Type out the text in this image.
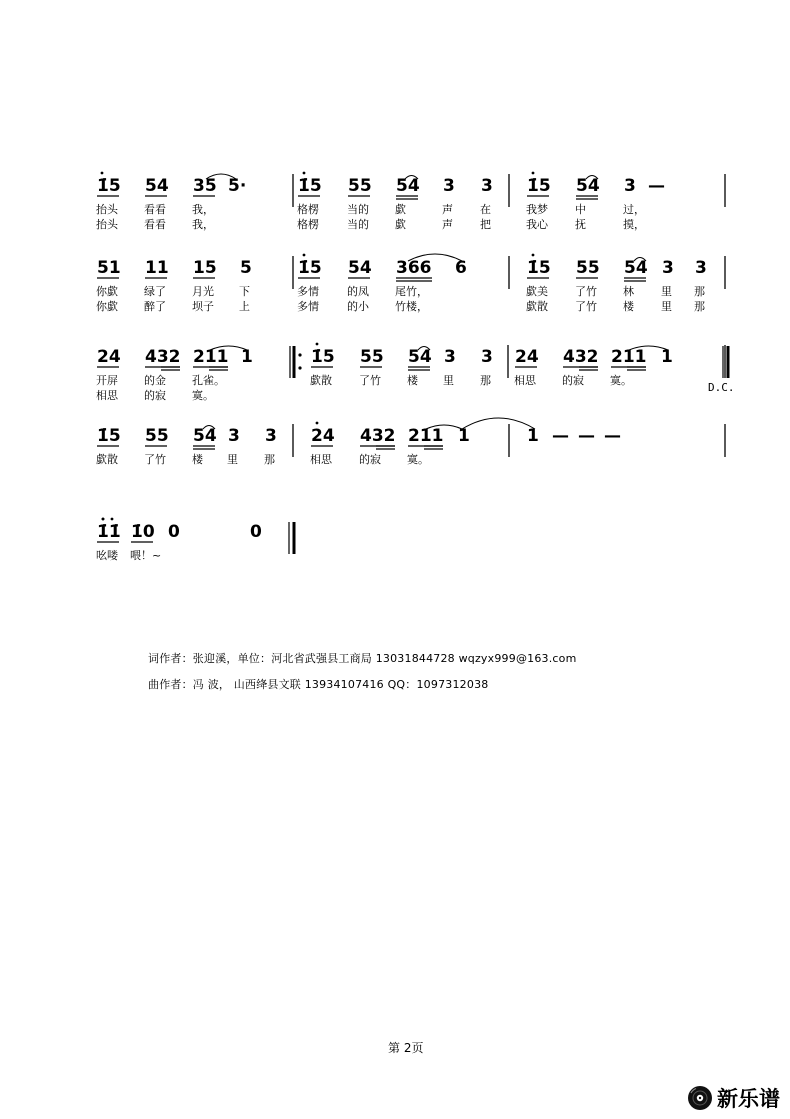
1̇5 54 35 5·
抬头 看看 我，
抬头 看看 我，
1̇5 55 54 3 3
格楞	当的 歔	声 在
格楞	当的 歔	声 把
1̇5 54 3 —
我梦 中	过，
我心 抚	摸，
51 11 15 5
你歔 绿了 月光 下
你歔 醉了 坝子 上
1̇5 54 366 6
多情	的凤 尾竹，
多情	的小 竹楼，
1̇5 55 54 3 3
歔美 了竹 林 里 那
歔散 了竹 楼 里 那
24 432 211 1
开屏 的金 孔雀。
相思 的寂 寞。
1̇5 55 54 3 3
歔散 了竹 楼 里 那
24 432 211 1
相思 的寂 寞。
1̇5 55 54 3 3
歔散 了竹 楼 里 那
24 432 211 1
相思 的寂 寞。
1 — — —
1̇1̇ 1̇0 0	0
吆喽 喂！~
D.C.
词作者：张迎溪，单位：河北省武强县工商局 13031844728 wqzyx999@163.com
曲作者：冯 波， 山西绛县文联 13934107416 QQ：1097312038
第 2页
新乐谱
